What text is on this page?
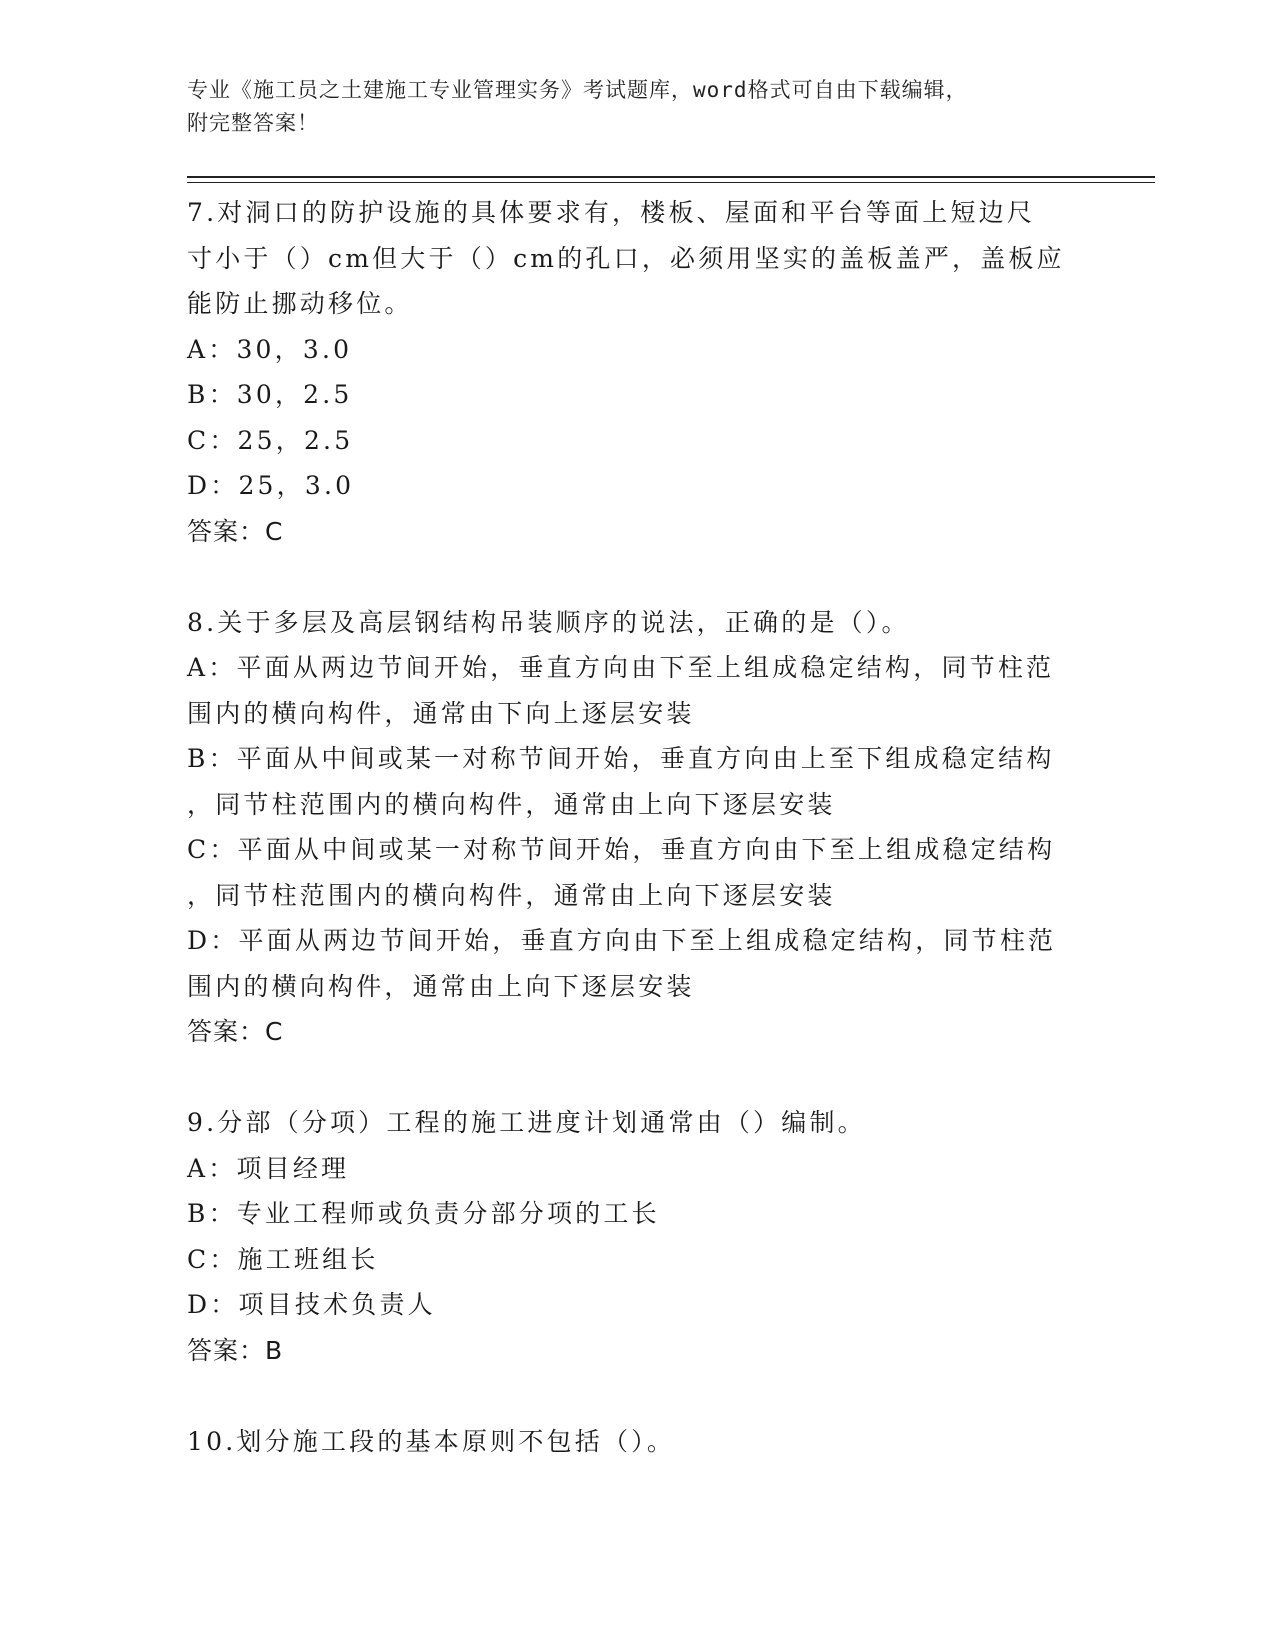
专业《施工员之土建施工专业管理实务》考试题库，word格式可自由下载编辑，
附完整答案！
7.对洞口的防护设施的具体要求有，楼板、屋面和平台等面上短边尺
寸小于（）cm但大于（）cm的孔口，必须用坚实的盖板盖严，盖板应
能防止挪动移位。
A：30，3.0
B：30，2.5
C：25，2.5
D：25，3.0
答案：C
8.关于多层及高层钢结构吊装顺序的说法，正确的是（）。
A：平面从两边节间开始，垂直方向由下至上组成稳定结构，同节柱范
围内的横向构件，通常由下向上逐层安装
B：平面从中间或某一对称节间开始，垂直方向由上至下组成稳定结构
，同节柱范围内的横向构件，通常由上向下逐层安装
C：平面从中间或某一对称节间开始，垂直方向由下至上组成稳定结构
，同节柱范围内的横向构件，通常由上向下逐层安装
D：平面从两边节间开始，垂直方向由下至上组成稳定结构，同节柱范
围内的横向构件，通常由上向下逐层安装
答案：C
9.分部（分项）工程的施工进度计划通常由（）编制。
A：项目经理
B：专业工程师或负责分部分项的工长
C：施工班组长
D：项目技术负责人
答案：B
10.划分施工段的基本原则不包括（）。
